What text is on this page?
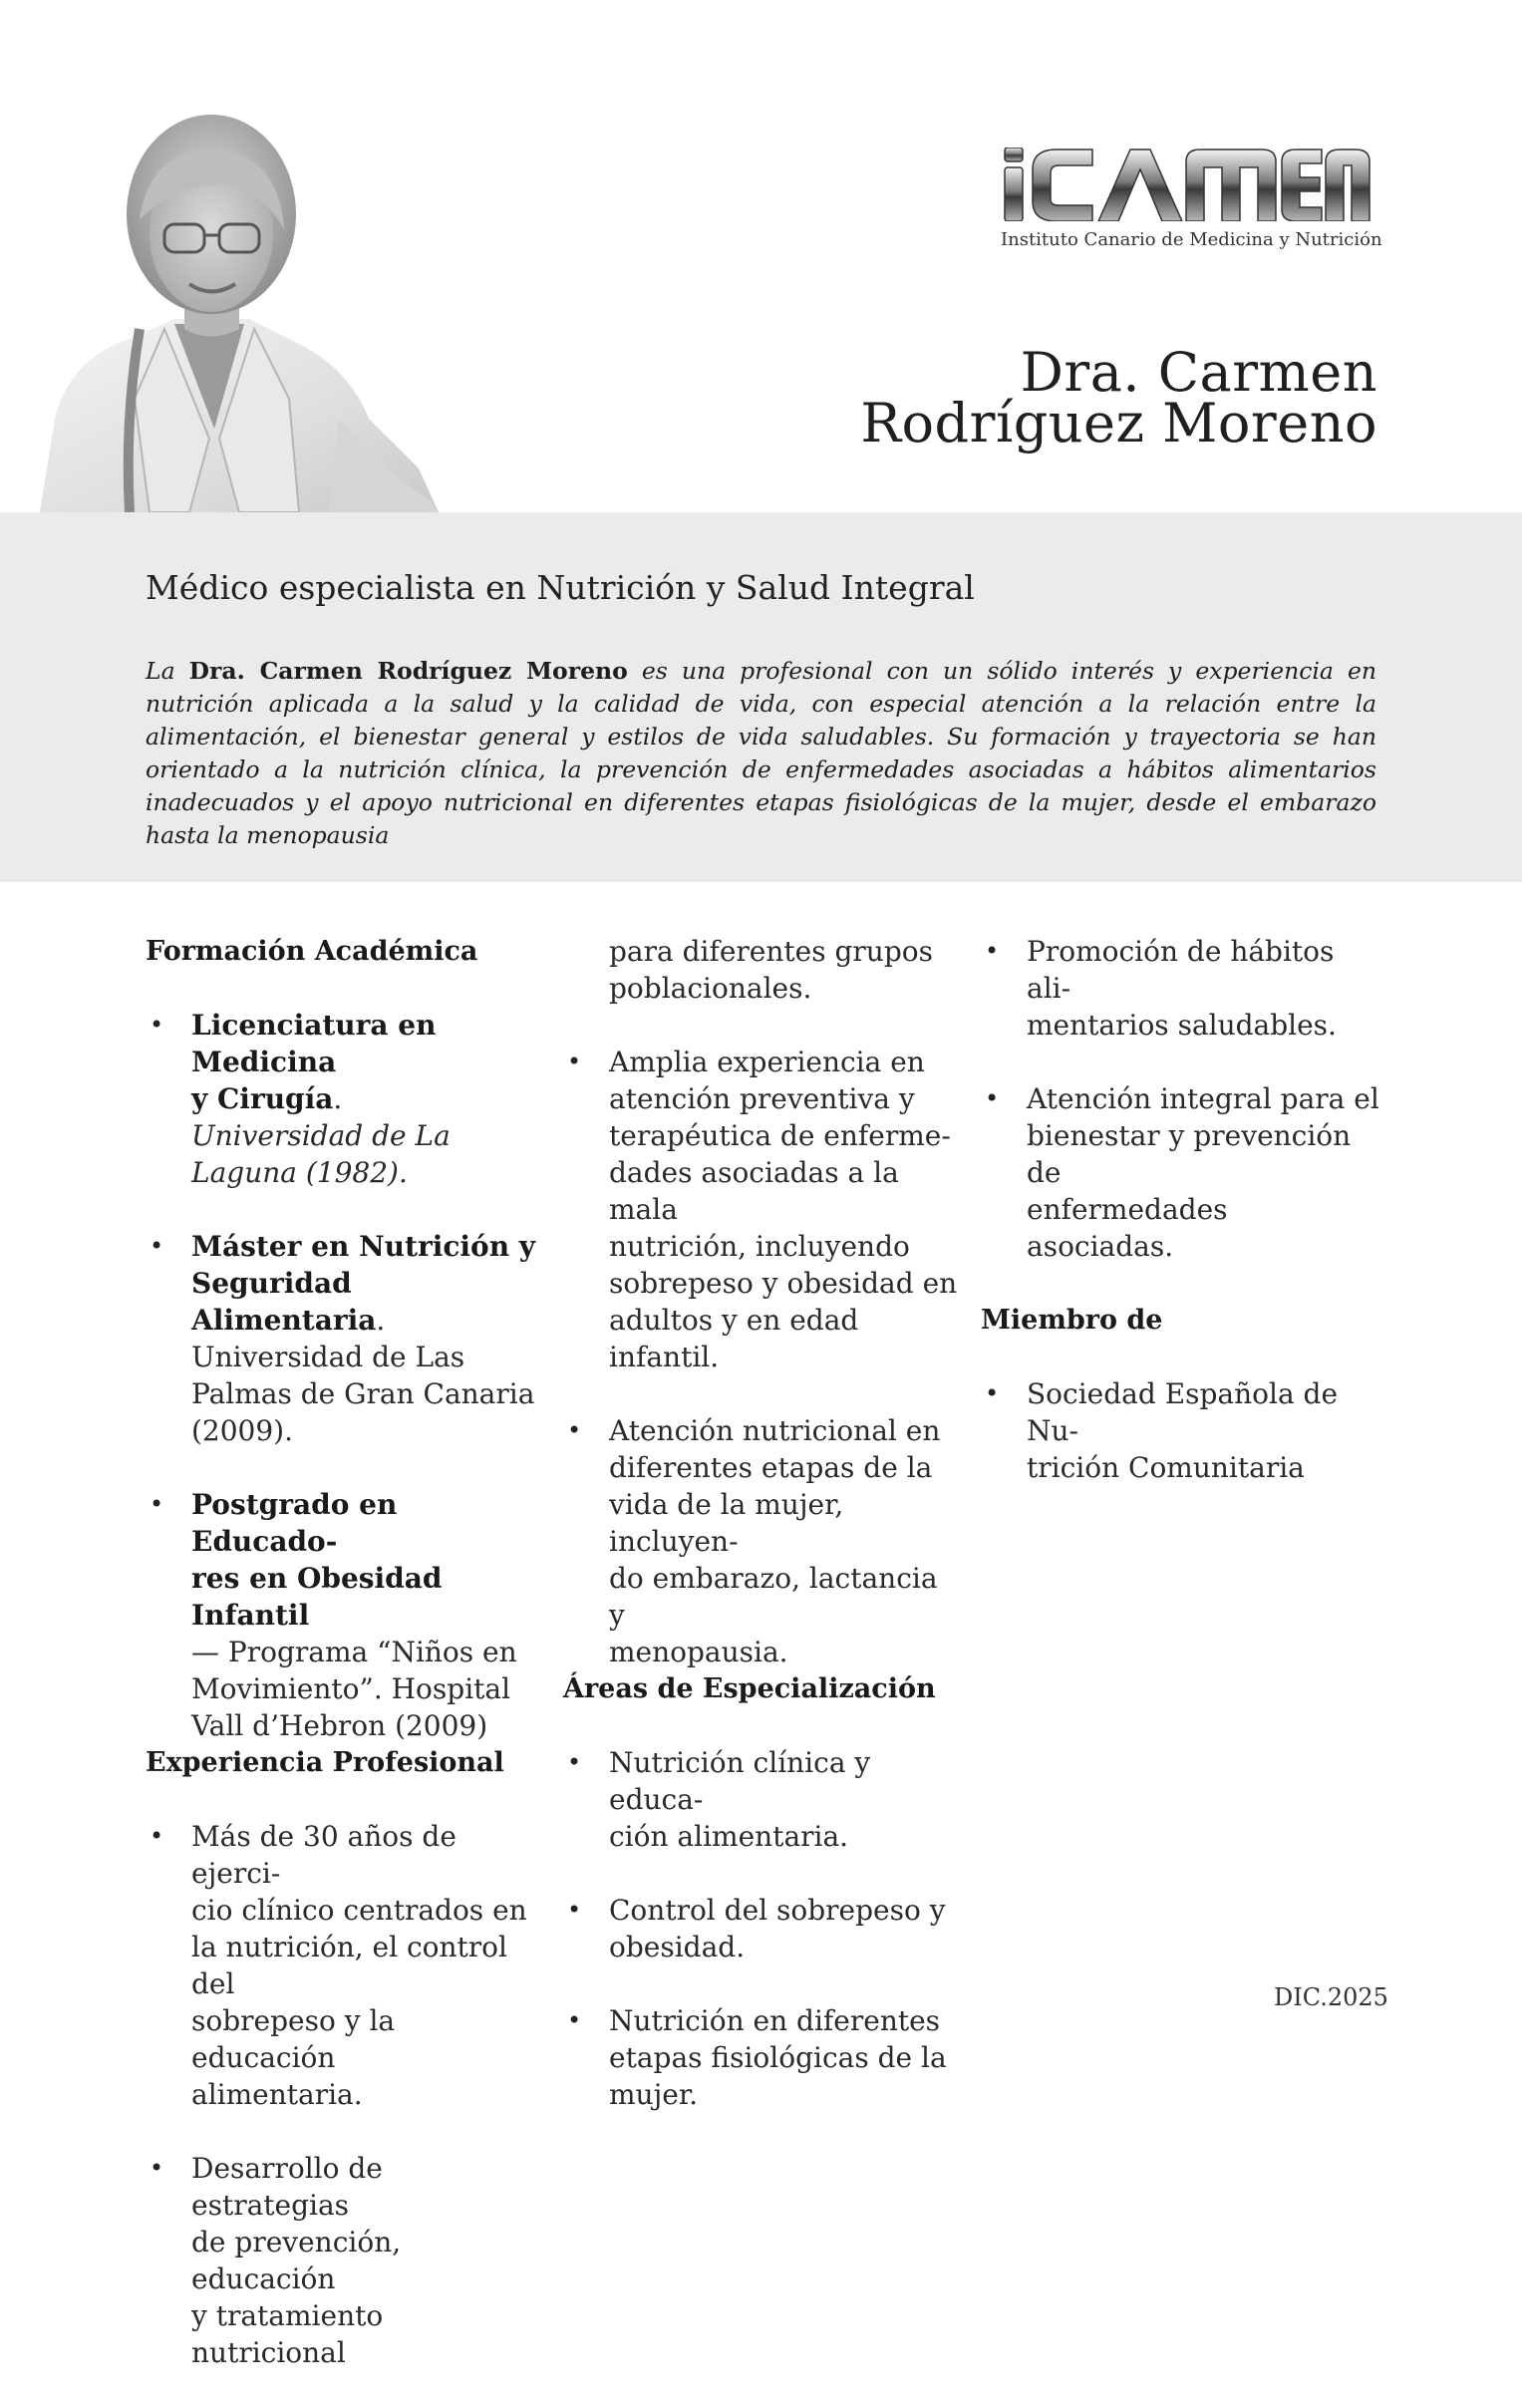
Instituto Canario de Medicina y Nutrición
Dra. Carmen
Rodríguez Moreno
Médico especialista en Nutrición y Salud Integral

La Dra. Carmen Rodríguez Moreno es una profesional con un sólido interés y experiencia en nutrición aplicada a la salud y la calidad de vida, con especial atención a la relación entre la alimentación, el bienestar general y estilos de vida saludables. Su formación y trayectoria se han orientado a la nutrición clínica, la prevención de enfermedades asociadas a hábitos alimentarios inadecuados y el apoyo nutricional en diferentes etapas fisiológicas de la mujer, desde el embarazo hasta la menopausia

Formación Académica
• Licenciatura en Medicina
y Cirugía.
Universidad de La Laguna (1982).
• Máster en Nutrición y
Seguridad Alimentaria.
Universidad de Las Palmas de Gran Canaria (2009).
• Postgrado en Educado-
res en Obesidad Infantil
— Programa “Niños en Movimiento”. Hospital Vall d’Hebron (2009)
Experiencia Profesional
• Más de 30 años de ejerci-
cio clínico centrados en
la nutrición, el control del
sobrepeso y la educación
alimentaria.
• Desarrollo de estrategias
de prevención, educación
y tratamiento nutricional
para diferentes grupos
poblacionales.
• Amplia experiencia en
atención preventiva y
terapéutica de enferme-
dades asociadas a la mala
nutrición, incluyendo
sobrepeso y obesidad en
adultos y en edad infantil.
• Atención nutricional en
diferentes etapas de la
vida de la mujer, incluyen-
do embarazo, lactancia y
menopausia.
Áreas de Especialización
• Nutrición clínica y educa-
ción alimentaria.
• Control del sobrepeso y
obesidad.
• Nutrición en diferentes
etapas fisiológicas de la
mujer.
• Promoción de hábitos ali-
mentarios saludables.
• Atención integral para el
bienestar y prevención de
enfermedades asociadas.
Miembro de
• Sociedad Española de Nu-
trición Comunitaria
DIC.2025
